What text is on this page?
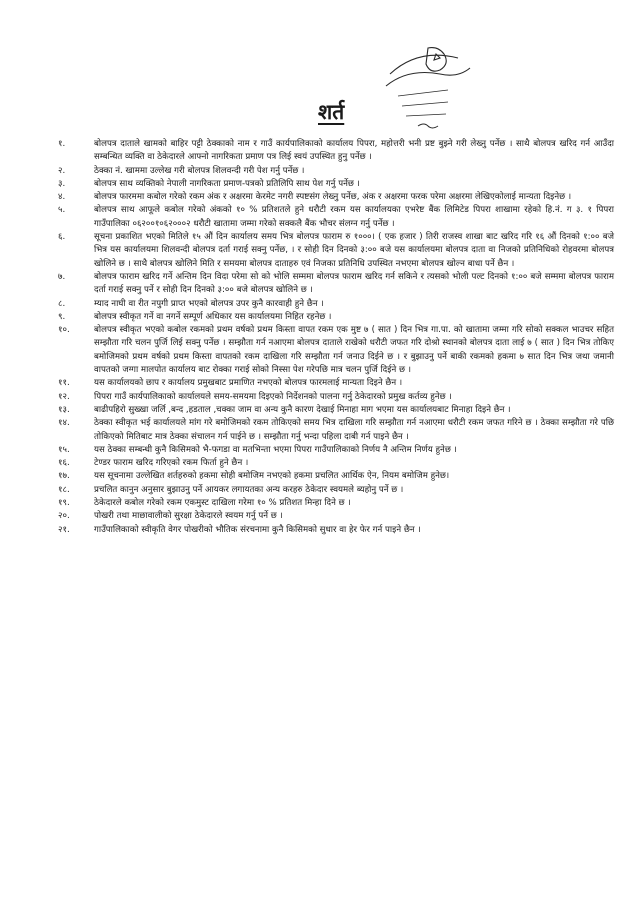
शर्त
१.	बोलपत्र दाताले खामको बाहिर पट्टी ठेक्काको नाम र गाउँ कार्यपालिकाको कार्यालय पिपरा, महोत्तरी भनी प्रष्ट बुझ्ने गरी लेख्नु पर्नेछ । साथै बोलपत्र खरिद गर्न आउँदा सम्बन्धित व्यक्ति वा ठेकेदारले आफ्नो नागरिकता प्रमाण पत्र लिई स्वयं उपस्थित हुनु पर्नेछ ।
२.	ठेक्का नं. खाममा उल्लेख गरी बोलपत्र शिलवन्दी गरी पेश गर्नु पर्नेछ ।
३.	बोलपत्र साथ व्यक्तिको नेपाली नागरिकता प्रमाण-पत्रको प्रतिलिपि साथ पेश गर्नु पर्नेछ ।
४.	बोलपत्र फारममा कबोल गरेको रकम अंक र अक्षरमा केरमेट नगरी स्पष्टसंग लेख्नु पर्नेछ, अंक र अक्षरमा फरक परेमा अक्षरमा लेखिएकोलाई मान्यता दिइनेछ ।
५.	बोलपत्र साथ आफूले कबोल गरेको अंकको १० % प्रतिशतले हुने धरौटी रकम यस कार्यालयका एभरेष्ट बैंक लिमिटेड पिपरा शाखामा रहेको हि.नं. ग ३. १ पिपरा गाउँपालिका ०६२००१०६२०००२ धरौटी खातामा जम्मा गरेको सक्कलै बैंक भौचर संलग्न गर्नु पर्नेछ ।
६.	सूचना प्रकाशित भएको मितिले १५ औं दिन कार्यालय समय भित्र बोलपत्र फाराम रु १०००। ( एक हजार ) तिरी राजस्व शाखा बाट खरिद गरि १६ औं दिनको १:०० बजे भित्र यस कार्यालयमा शिलवन्दी बोलपत्र दर्ता गराई सक्नु पर्नेछ, । र सोही दिन दिनको ३:०० बजे यस कार्यालयमा बोलपत्र दाता वा निजको प्रतिनिधिको रोहवरमा बोलपत्र खोलिने छ । साथै बोलपत्र खोलिने मिति र समयमा बोलपत्र दाताहरु एवं निजका प्रतिनिधि उपस्थित नभएमा बोलपत्र खोल्न बाधा पर्ने छैन ।
७.	बोलपत्र फाराम खरिद गर्ने अन्तिम दिन विदा परेमा सो को भोलि सम्ममा बोलपत्र फाराम खरिद गर्न सकिने र त्यसको भोली पल्ट दिनको १:०० बजे सम्ममा बोलपत्र फाराम दर्ता गराई सक्नु पर्ने र सोही दिन दिनको ३:०० बजे बोलपत्र खोलिने छ ।
८.	म्याद नाघी वा रीत नपुगी प्राप्त भएको बोलपत्र उपर कुनै कारवाही हुने छैन ।
९.	बोलपत्र स्वीकृत गर्ने वा नगर्ने सम्पूर्ण अधिकार यस कार्यालयमा निहित रहनेछ ।
१०.	बोलपत्र स्वीकृत भएको कबोल रकमको प्रथम वर्षको प्रथम किस्ता वापत रकम एक मुष्ट ७ ( सात ) दिन भित्र गा.पा. को खातामा जम्मा गरि सोको सक्कल भाउचर सहित सम्झौता गरि चलन पुर्जि लिई सक्नु पर्नेछ । सम्झौता गर्न नआएमा बोलपत्र दाताले राखेको धरौटी जफत गरि दोश्रो स्थानको बोलपत्र दाता लाई ७ ( सात ) दिन भित्र तोकिए बमोजिमको प्रथम वर्षको प्रथम किस्ता वापतको रकम दाखिला गरि सम्झौता गर्न जनाउ दिईने छ । र बुझाउनु पर्ने बाकी रकमको हकमा ७ सात दिन भित्र जथा जमानी वापतको जग्गा मालपोत कार्यालय बाट रोक्का गराई सोको निस्सा पेश गरेपछि मात्र चलन पुर्जि दिईने छ ।
११.	यस कार्यालयको छाप र कार्यालय प्रमुखबाट प्रमाणित नभएको बोलपत्र फारमलाई मान्यता दिइने छैन ।
१२.	पिपरा गाउँ कार्यपालिकाको कार्यालयले समय-समयमा दिइएको निर्देशनको पालना गर्नु ठेकेदारको प्रमुख कर्तव्य हुनेछ ।
१३.	बाढीपहिरो सुख्खा जर्लि ,बन्द ,हडताल ,चक्का जाम वा अन्य कुनै कारण देखाई मिनाहा माग भएमा यस कार्यालयबाट मिनाहा दिइने छैन ।
१४.	ठेक्का स्वीकृत भई कार्यालयले मांग गरे बमोजिमको रकम तोकिएको समय भित्र दाखिला गरि सम्झौता गर्न नआएमा धरौटी रकम जफत गरिने छ । ठेक्का सम्झौता गरे पछि तोकिएको मितिबाट मात्र ठेक्का संचालन गर्न पाईने छ । सम्झौता गर्नु भन्दा पहिला दाबी गर्न पाइने छैन ।
१५.	यस ठेक्का सम्बन्धी कुनै किसिमको भै-फगडा वा मतभिन्ता भएमा पिपरा गाउँपालिकाको निर्णय नै अन्तिम निर्णय हुनेछ ।
१६.	टेण्डर फाराम खरिद गरिएको रकम फिर्ता हुने छैन ।
१७.	यस सूचनामा उल्लेखित शर्तहरुको हकमा सोही बमोजिम नभएको हकमा प्रचलित आर्थिक ऐन, नियम बमोजिम हुनेछ।
१८.	प्रचलित कानुन अनुसार बुझाउनु पर्ने आयकर लगायतका अन्य करहरु ठेकेदार स्वयमले ब्यहोनु पर्ने छ ।
१९.	ठेकेदारले कबोल गरेको रकम एकमुस्ट दाखिला गरेमा १० % प्रतिशत मिन्हा दिने छ ।
२०.	पोखरी तथा माछावालीको सुरक्षा ठेकेदारले स्वयम गर्नु पर्ने छ ।
२१.	गाउँपालिकाको स्वीकृति वेगर पोखरीको भौतिक संरचनामा कुनै किसिमको सुधार वा हेर फेर गर्न पाइने छैन ।
